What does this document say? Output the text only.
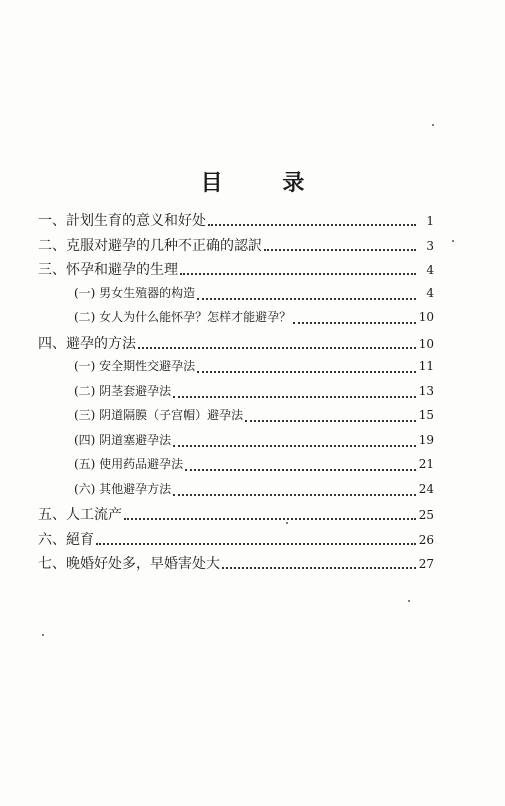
目 录
一、計划生育的意义和好处	1
二、克服对避孕的几种不正确的認訳	3
三、怀孕和避孕的生理	4
(一) 男女生殖器的构造	4
(二) 女人为什么能怀孕？怎样才能避孕？	10
四、避孕的方法	10
(一) 安全期性交避孕法	11
(二) 阴茎套避孕法	13
(三) 阴道隔膜（子宫帽）避孕法	15
(四) 阴道塞避孕法	19
(五) 使用药品避孕法	21
(六) 其他避孕方法	24
五、人工流产	25
六、絕育	26
七、晚婚好处多，早婚害处大	27
